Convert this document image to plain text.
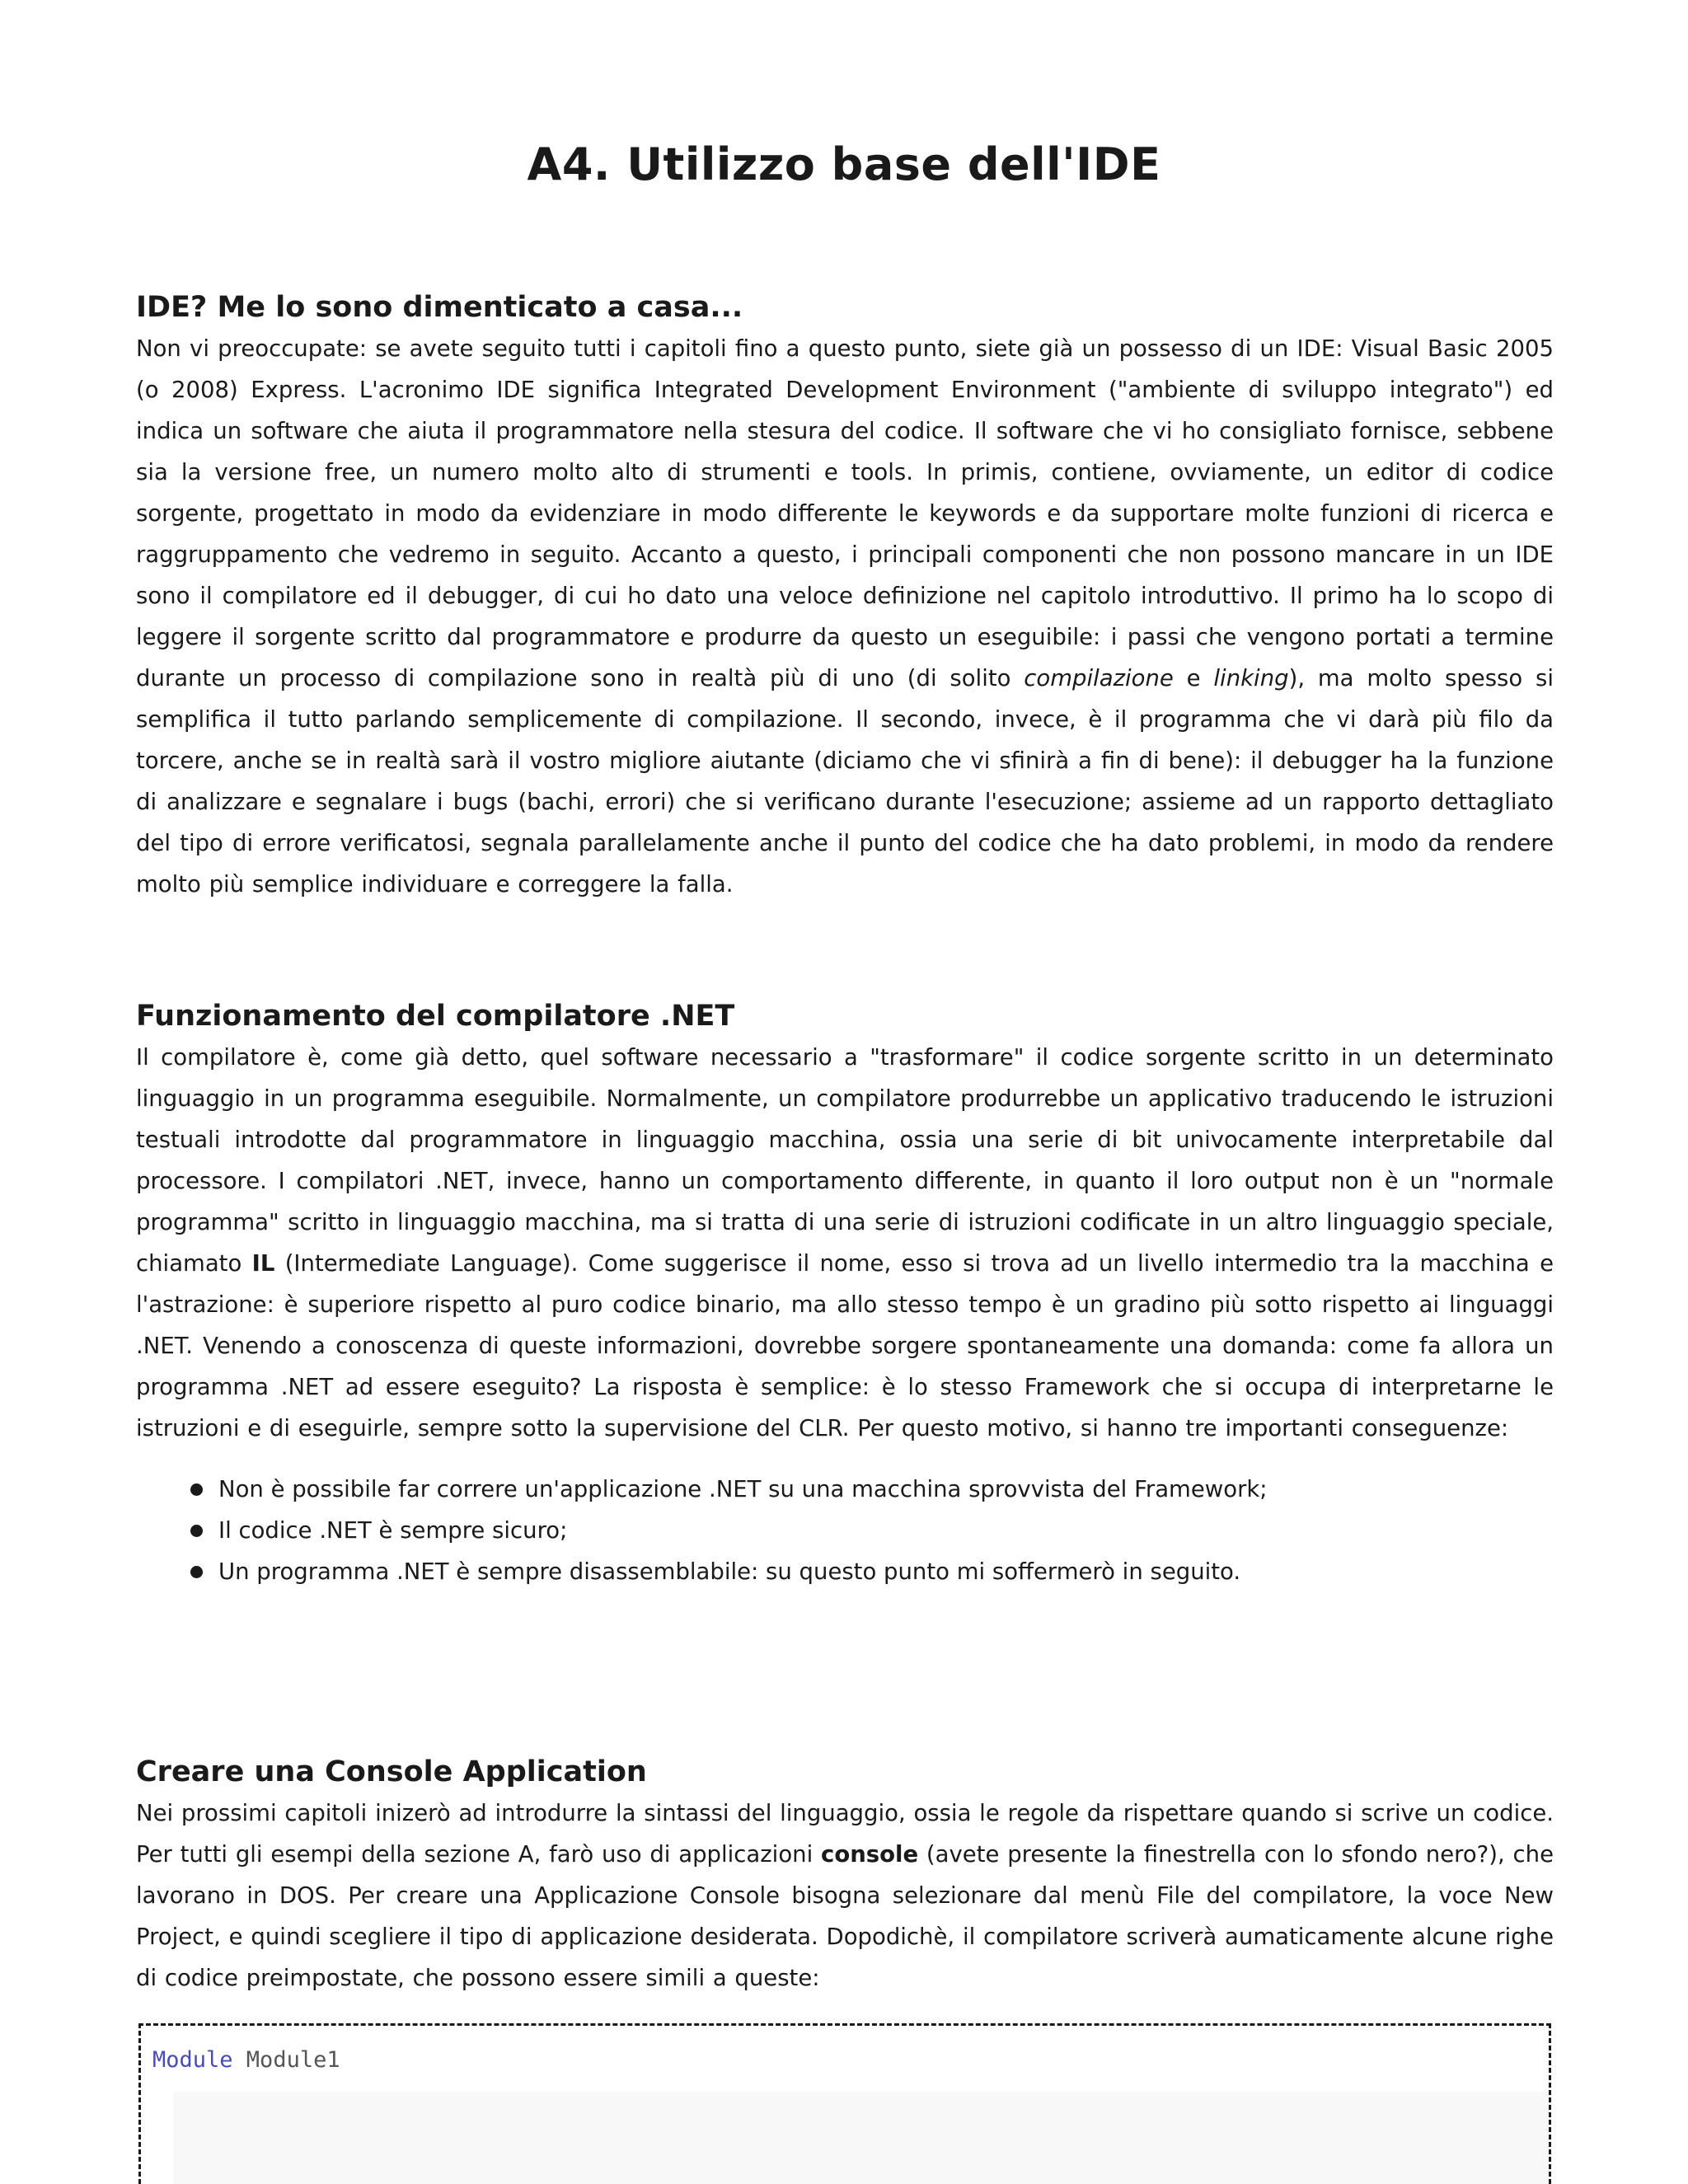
A4. Utilizzo base dell'IDE
IDE? Me lo sono dimenticato a casa...

Non vi preoccupate: se avete seguito tutti i capitoli fino a questo punto, siete già un possesso di un IDE: Visual Basic 2005 (o 2008) Express. L'acronimo IDE significa Integrated Development Environment ("ambiente di sviluppo integrato") ed indica un software che aiuta il programmatore nella stesura del codice. Il software che vi ho consigliato fornisce, sebbene sia la versione free, un numero molto alto di strumenti e tools. In primis, contiene, ovviamente, un editor di codice sorgente, progettato in modo da evidenziare in modo differente le keywords e da supportare molte funzioni di ricerca e raggruppamento che vedremo in seguito. Accanto a questo, i principali componenti che non possono mancare in un IDE sono il compilatore ed il debugger, di cui ho dato una veloce definizione nel capitolo introduttivo. Il primo ha lo scopo di leggere il sorgente scritto dal programmatore e produrre da questo un eseguibile: i passi che vengono portati a termine durante un processo di compilazione sono in realtà più di uno (di solito compilazione e linking), ma molto spesso si semplifica il tutto parlando semplicemente di compilazione. Il secondo, invece, è il programma che vi darà più filo da torcere, anche se in realtà sarà il vostro migliore aiutante (diciamo che vi sfinirà a fin di bene): il debugger ha la funzione di analizzare e segnalare i bugs (bachi, errori) che si verificano durante l'esecuzione; assieme ad un rapporto dettagliato del tipo di errore verificatosi, segnala parallelamente anche il punto del codice che ha dato problemi, in modo da rendere molto più semplice individuare e correggere la falla.

Funzionamento del compilatore .NET

Il compilatore è, come già detto, quel software necessario a "trasformare" il codice sorgente scritto in un determinato linguaggio in un programma eseguibile. Normalmente, un compilatore produrrebbe un applicativo traducendo le istruzioni testuali introdotte dal programmatore in linguaggio macchina, ossia una serie di bit univocamente interpretabile dal processore. I compilatori .NET, invece, hanno un comportamento differente, in quanto il loro output non è un "normale programma" scritto in linguaggio macchina, ma si tratta di una serie di istruzioni codificate in un altro linguaggio speciale, chiamato IL (Intermediate Language). Come suggerisce il nome, esso si trova ad un livello intermedio tra la macchina e l'astrazione: è superiore rispetto al puro codice binario, ma allo stesso tempo è un gradino più sotto rispetto ai linguaggi .NET. Venendo a conoscenza di queste informazioni, dovrebbe sorgere spontaneamente una domanda: come fa allora un programma .NET ad essere eseguito? La risposta è semplice: è lo stesso Framework che si occupa di interpretarne le istruzioni e di eseguirle, sempre sotto la supervisione del CLR. Per questo motivo, si hanno tre importanti conseguenze:

Non è possibile far correre un'applicazione .NET su una macchina sprovvista del Framework;
Il codice .NET è sempre sicuro;
Un programma .NET è sempre disassemblabile: su questo punto mi soffermerò in seguito.
Creare una Console Application

Nei prossimi capitoli inizerò ad introdurre la sintassi del linguaggio, ossia le regole da rispettare quando si scrive un codice. Per tutti gli esempi della sezione A, farò uso di applicazioni console (avete presente la finestrella con lo sfondo nero?), che lavorano in DOS. Per creare una Applicazione Console bisogna selezionare dal menù File del compilatore, la voce New Project, e quindi scegliere il tipo di applicazione desiderata. Dopodichè, il compilatore scriverà aumaticamente alcune righe di codice preimpostate, che possono essere simili a queste:

Module Module1
